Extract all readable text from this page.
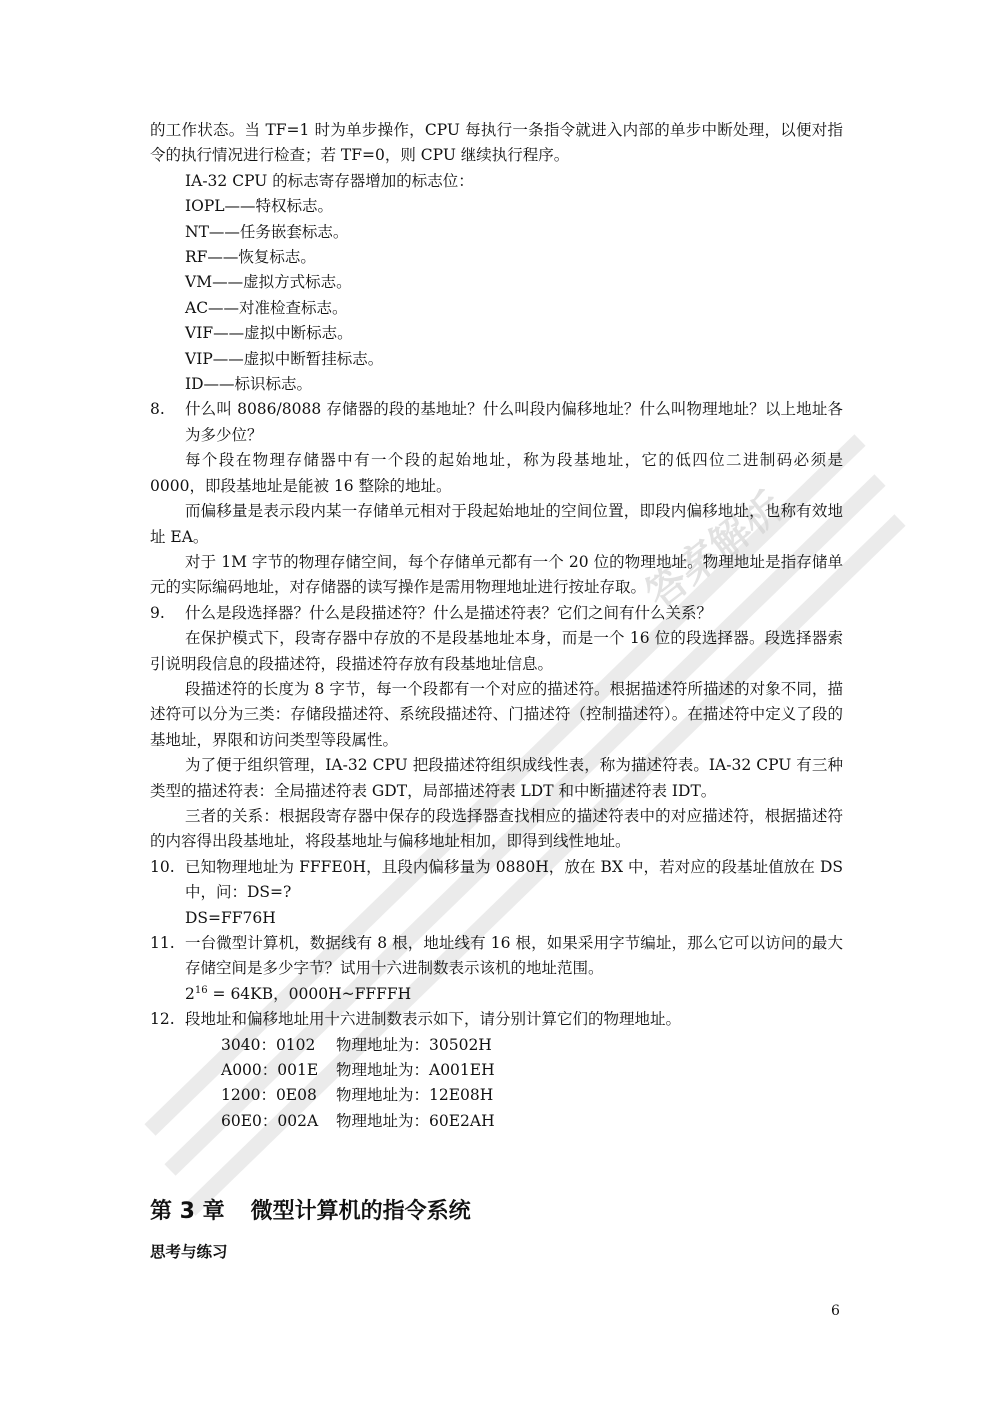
答案解析

的工作状态。当 TF=1 时为单步操作，CPU 每执行一条指令就进入内部的单步中断处理，以便对指令的执行情况进行检查；若 TF=0，则 CPU 继续执行程序。

IA-32 CPU 的标志寄存器增加的标志位：

IOPL——特权标志。

NT——任务嵌套标志。

RF——恢复标志。

VM——虚拟方式标志。

AC——对准检查标志。

VIF——虚拟中断标志。

VIP——虚拟中断暂挂标志。

ID——标识标志。

8. 什么叫 8086/8088 存储器的段的基地址？什么叫段内偏移地址？什么叫物理地址？以上地址各为多少位？

每个段在物理存储器中有一个段的起始地址，称为段基地址，它的低四位二进制码必须是 0000，即段基地址是能被 16 整除的地址。

而偏移量是表示段内某一存储单元相对于段起始地址的空间位置，即段内偏移地址，也称有效地址 EA。

对于 1M 字节的物理存储空间，每个存储单元都有一个 20 位的物理地址。物理地址是指存储单元的实际编码地址，对存储器的读写操作是需用物理地址进行按址存取。

9. 什么是段选择器？什么是段描述符？什么是描述符表？它们之间有什么关系？

在保护模式下，段寄存器中存放的不是段基地址本身，而是一个 16 位的段选择器。段选择器索引说明段信息的段描述符，段描述符存放有段基地址信息。

段描述符的长度为 8 字节，每一个段都有一个对应的描述符。根据描述符所描述的对象不同，描述符可以分为三类：存储段描述符、系统段描述符、门描述符（控制描述符）。在描述符中定义了段的基地址，界限和访问类型等段属性。

为了便于组织管理，IA-32 CPU 把段描述符组织成线性表，称为描述符表。IA-32 CPU 有三种类型的描述符表：全局描述符表 GDT，局部描述符表 LDT 和中断描述符表 IDT。

三者的关系：根据段寄存器中保存的段选择器查找相应的描述符表中的对应描述符，根据描述符的内容得出段基地址，将段基地址与偏移地址相加，即得到线性地址。

10. 已知物理地址为 FFFE0H，且段内偏移量为 0880H，放在 BX 中，若对应的段基址值放在 DS 中，问：DS=?

DS=FF76H

11. 一台微型计算机，数据线有 8 根，地址线有 16 根，如果采用字节编址，那么它可以访问的最大存储空间是多少字节？试用十六进制数表示该机的地址范围。

$2^{16} = 64KB$，0000H~FFFFH

12. 段地址和偏移地址用十六进制数表示如下，请分别计算它们的物理地址。

3040：0102 物理地址为：30502H

A000：001E 物理地址为：A001EH

1200：0E08 物理地址为：12E08H

60E0：002A 物理地址为：60E2AH

第 3 章 微型计算机的指令系统
思考与练习
6
